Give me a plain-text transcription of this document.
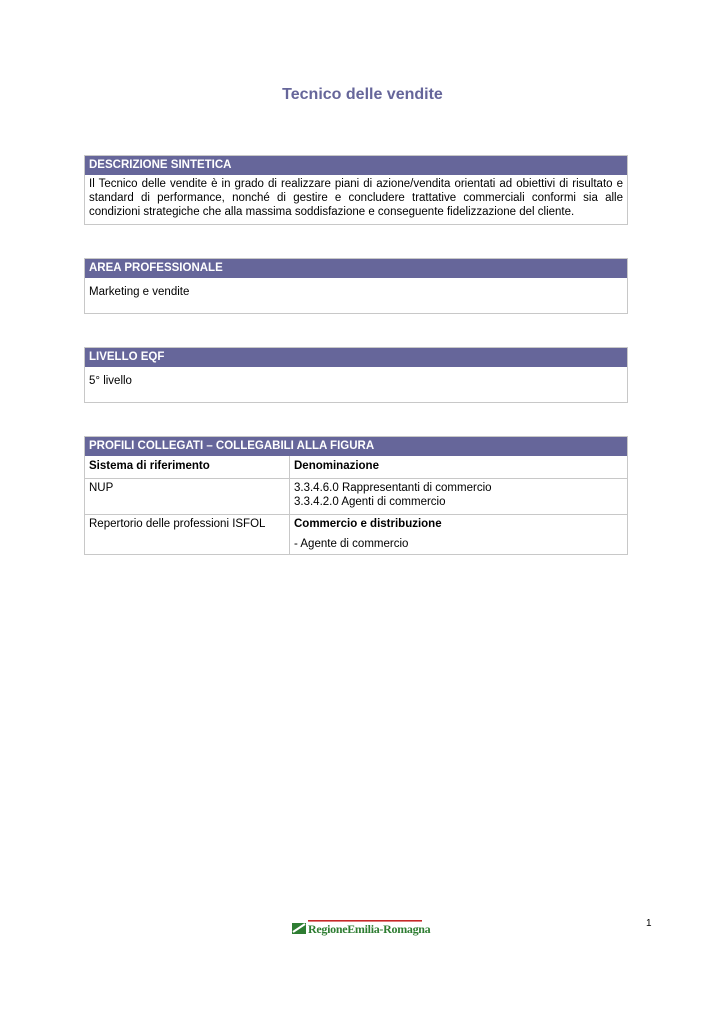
Tecnico delle vendite
DESCRIZIONE SINTETICA
Il Tecnico delle vendite è in grado di realizzare piani di azione/vendita orientati ad obiettivi di risultato e standard di performance, nonché di gestire e concludere trattative commerciali conformi sia alle condizioni strategiche che alla massima soddisfazione e conseguente fidelizzazione del cliente.
AREA PROFESSIONALE
Marketing e vendite
LIVELLO EQF
5° livello
PROFILI COLLEGATI – COLLEGABILI ALLA FIGURA
Sistema di riferimento	Denominazione
NUP	3.3.4.6.0 Rappresentanti di commercio
3.3.4.2.0 Agenti di commercio

Repertorio delle professioni ISFOL	Commercio e distribuzione
- Agente di commercio
RegioneEmilia-Romagna	1
